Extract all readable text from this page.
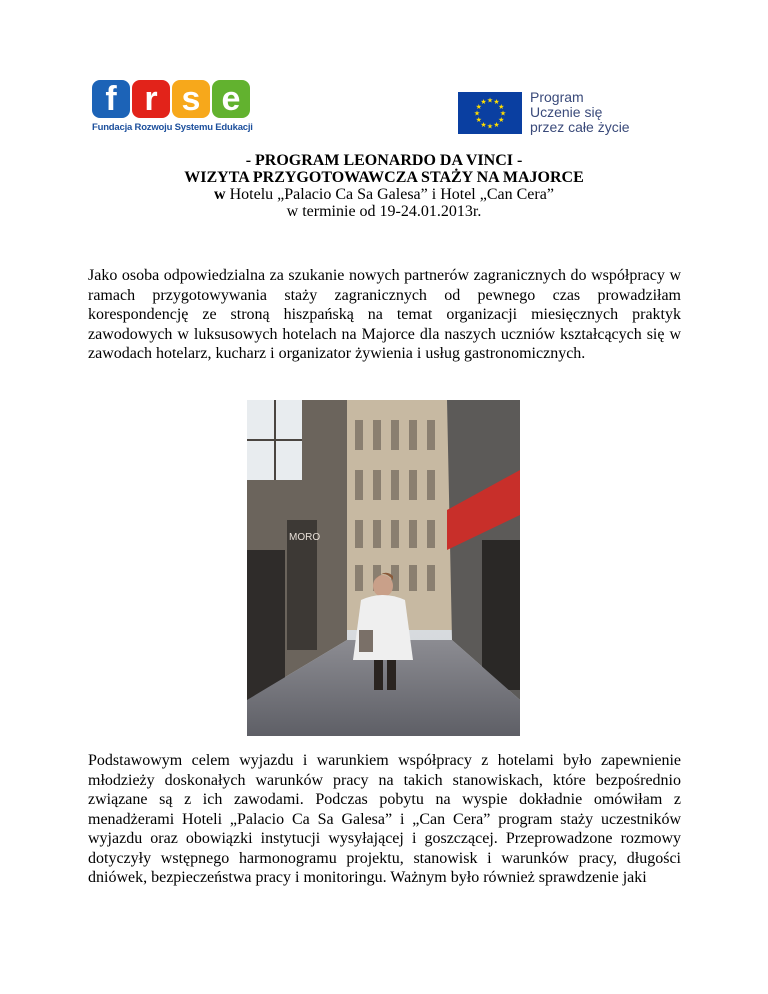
f r s e
Fundacja Rozwoju Systemu Edukacji
★ ★
★
★
★
★
★
★
★
★
★
★	Program
Uczenie się
przez całe życie
- PROGRAM LEONARDO DA VINCI -
WIZYTA PRZYGOTOWAWCZA STAŻY NA MAJORCE
w Hotelu „Palacio Ca Sa Galesa” i Hotel „Can Cera”
w terminie od 19-24.01.2013r.
Jako osoba odpowiedzialna za szukanie nowych partnerów zagranicznych do współpracy w ramach przygotowywania staży zagranicznych od pewnego czas prowadziłam korespondencję ze stroną hiszpańską na temat organizacji miesięcznych praktyk zawodowych w luksusowych hotelach na Majorce dla naszych uczniów kształcących się w zawodach hotelarz, kucharz i organizator żywienia i usług gastronomicznych.
MORO
Podstawowym celem wyjazdu i warunkiem współpracy z hotelami było zapewnienie młodzieży doskonałych warunków pracy na takich stanowiskach, które bezpośrednio związane są z ich zawodami. Podczas pobytu na wyspie dokładnie omówiłam z menadżerami Hoteli „Palacio Ca Sa Galesa” i „Can Cera” program staży uczestników wyjazdu oraz obowiązki instytucji wysyłającej i goszczącej. Przeprowadzone rozmowy dotyczyły wstępnego harmonogramu projektu, stanowisk i warunków pracy, długości dniówek, bezpieczeństwa pracy i monitoringu. Ważnym było również sprawdzenie jaki
